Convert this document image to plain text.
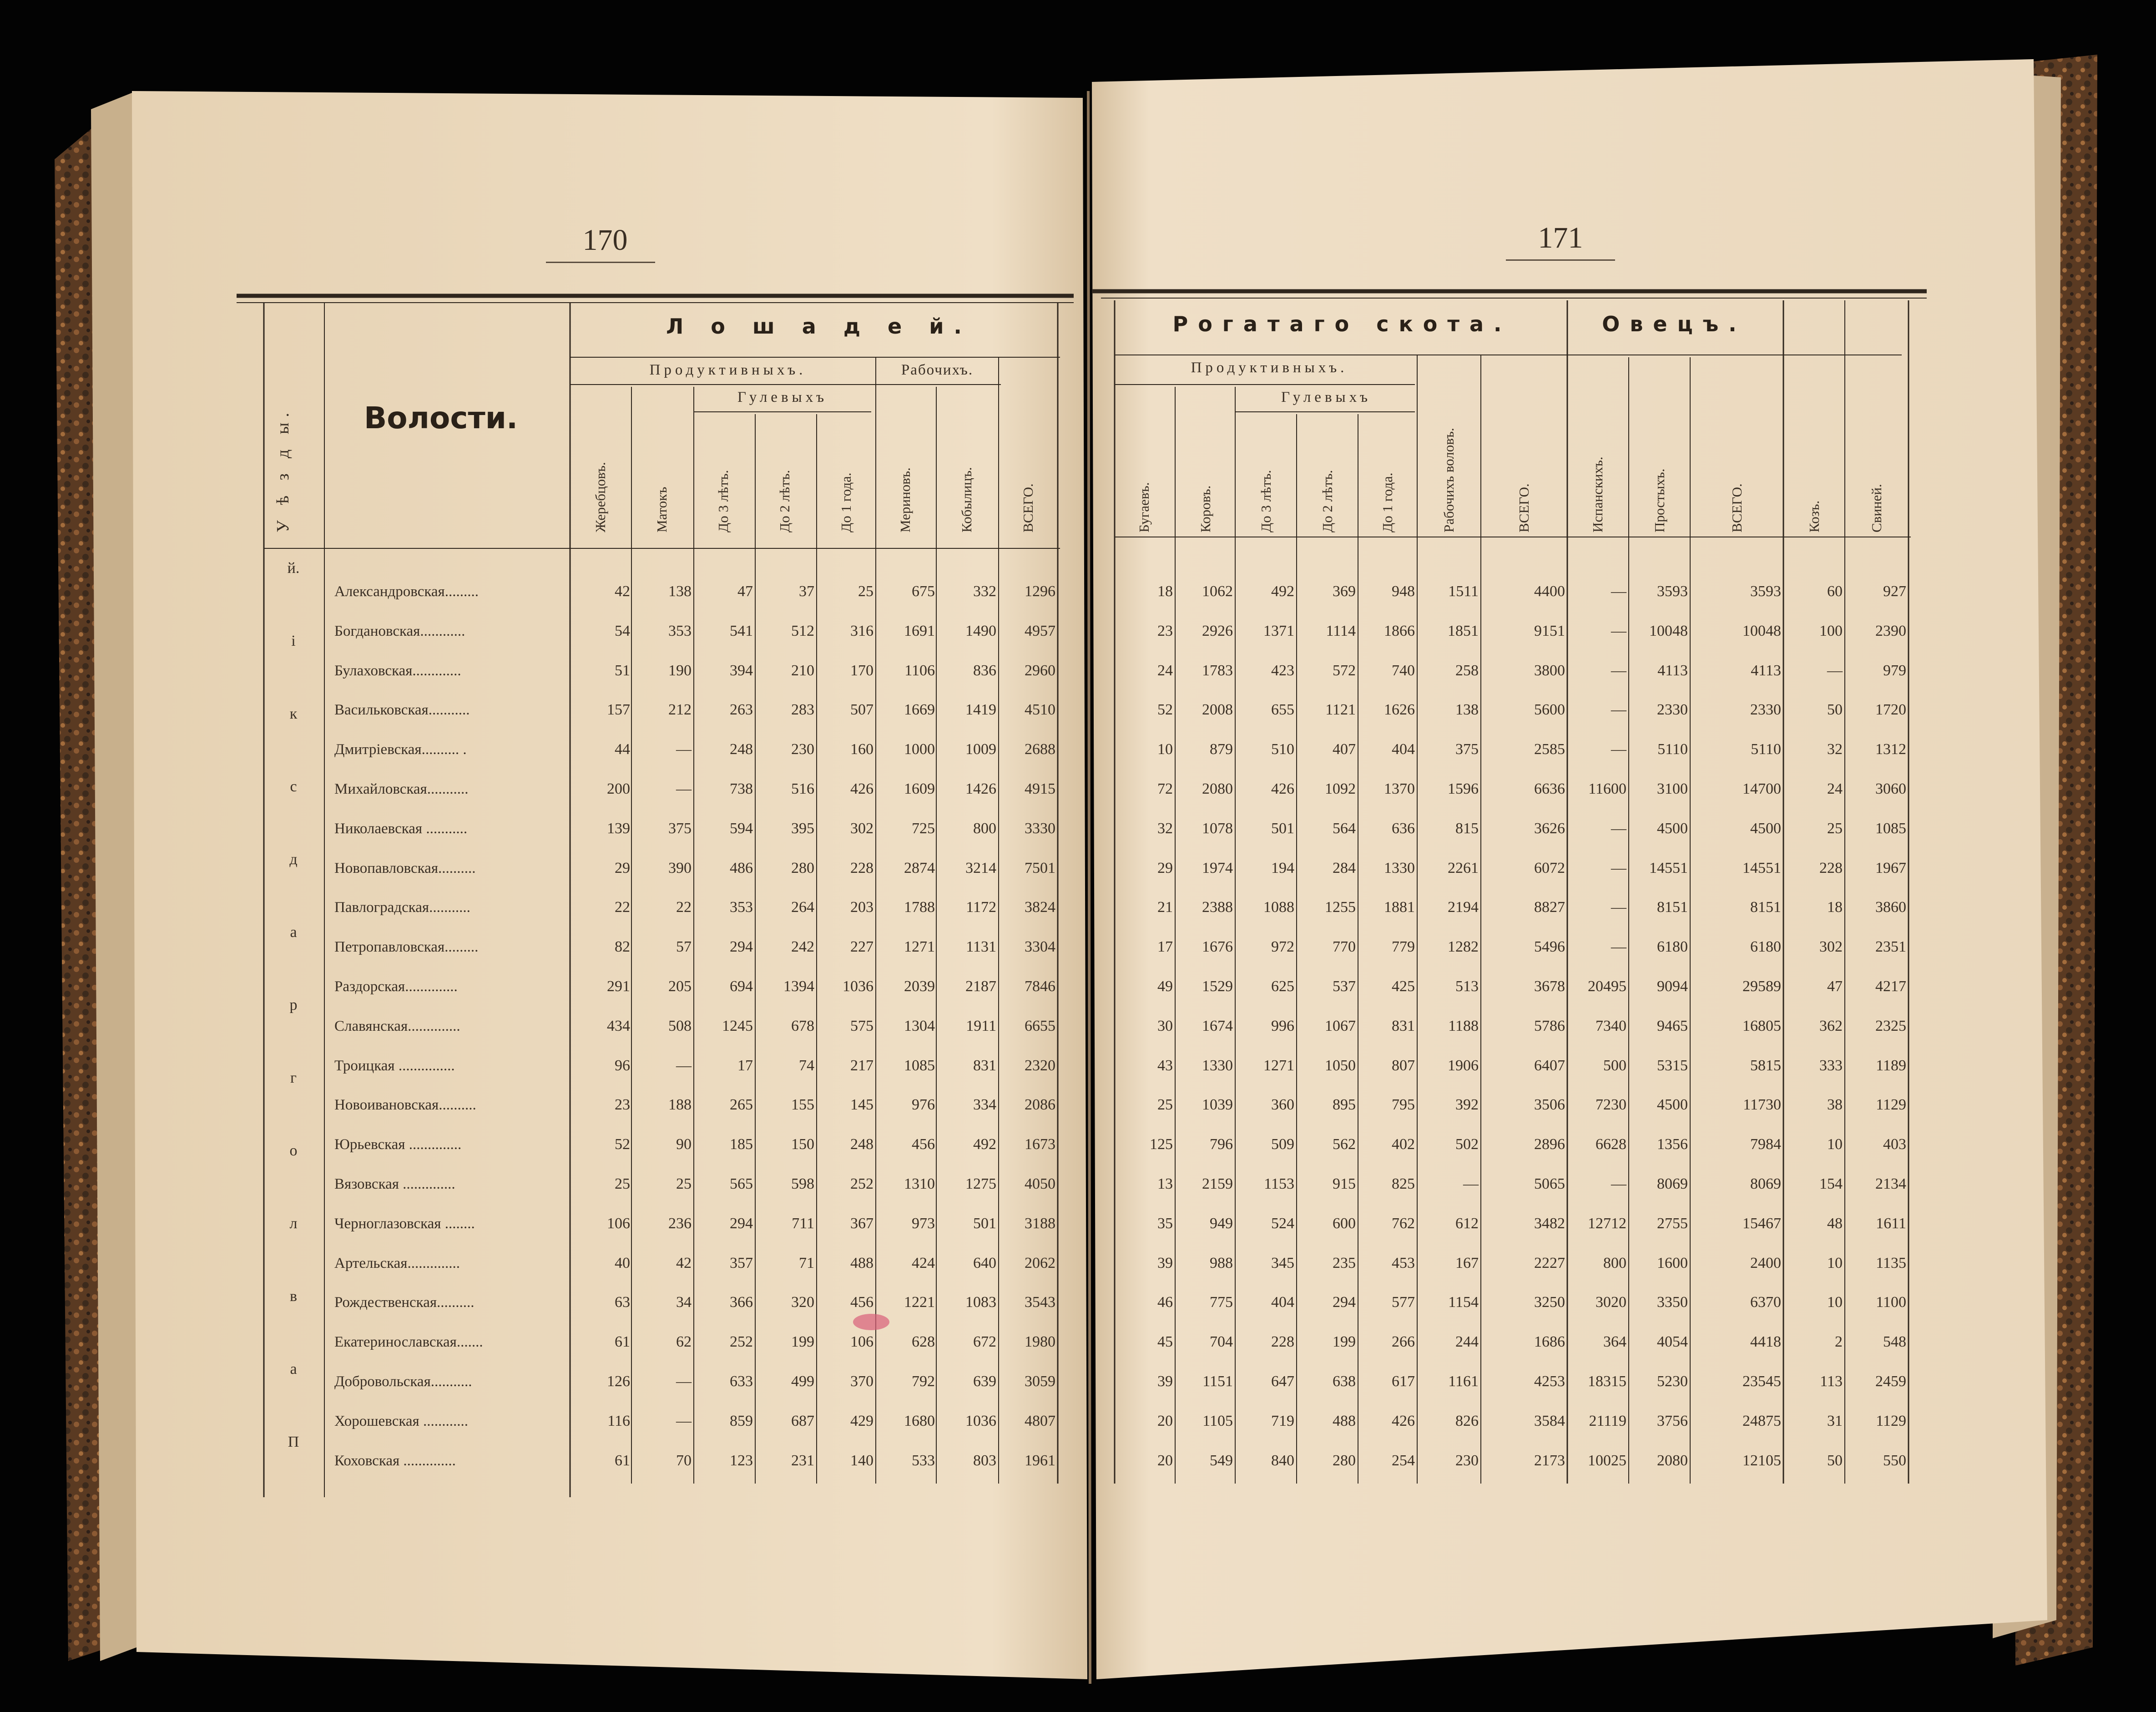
170	171
У ѣ з д ы. Волости.
Л о ш а д е й.
Продуктивныхъ.
Гулевыхъ
Рабочихъ.
Рогатаго скота.
Продуктивныхъ.
Гулевыхъ
Овецъ.
Жеребцовъ.	Матокъ	До 3 лѣтъ.	До 2 лѣтъ.	До 1 года.	Мериновъ.	Кобылицъ.	ВСЕГО.	Бугаевъ.	Коровъ.	До 3 лѣтъ.	До 2 лѣтъ.	До 1 года.	Рабочихъ воловъ.	ВСЕГО.	Испанскихъ.	Простыхъ.	ВСЕГО.	Козъ.	Свиней.
П
а
в
л
о
г
р
а
д
с
к
i
й.
Александровская.........	42	138	47	37	25	675	332	1296	18	1062	492	369	948	1511	4400	—	3593	3593	60	927
Богдановская............	54	353	541	512	316	1691	1490	4957	23	2926	1371	1114	1866	1851	9151	—	10048	10048	100	2390
Булаховская.............	51	190	394	210	170	1106	836	2960	24	1783	423	572	740	258	3800	—	4113	4113	—	979
Васильковская...........	157	212	263	283	507	1669	1419	4510	52	2008	655	1121	1626	138	5600	—	2330	2330	50	1720
Дмитрiевская.......... .	44	—	248	230	160	1000	1009	2688	10	879	510	407	404	375	2585	—	5110	5110	32	1312
Михайловская...........	200	—	738	516	426	1609	1426	4915	72	2080	426	1092	1370	1596	6636	11600	3100	14700	24	3060
Николаевская ...........	139	375	594	395	302	725	800	3330	32	1078	501	564	636	815	3626	—	4500	4500	25	1085
Новопавловская..........	29	390	486	280	228	2874	3214	7501	29	1974	194	284	1330	2261	6072	—	14551	14551	228	1967
Павлоградская...........	22	22	353	264	203	1788	1172	3824	21	2388	1088	1255	1881	2194	8827	—	8151	8151	18	3860
Петропавловская.........	82	57	294	242	227	1271	1131	3304	17	1676	972	770	779	1282	5496	—	6180	6180	302	2351
Раздорская..............	291	205	694	1394	1036	2039	2187	7846	49	1529	625	537	425	513	3678	20495	9094	29589	47	4217
Славянская..............	434	508	1245	678	575	1304	1911	6655	30	1674	996	1067	831	1188	5786	7340	9465	16805	362	2325
Троицкая ...............	96	—	17	74	217	1085	831	2320	43	1330	1271	1050	807	1906	6407	500	5315	5815	333	1189
Новоивановская..........	23	188	265	155	145	976	334	2086	25	1039	360	895	795	392	3506	7230	4500	11730	38	1129
Юрьевская ..............	52	90	185	150	248	456	492	1673	125	796	509	562	402	502	2896	6628	1356	7984	10	403
Вязовская ..............	25	25	565	598	252	1310	1275	4050	13	2159	1153	915	825	—	5065	—	8069	8069	154	2134
Черноглазовская ........	106	236	294	711	367	973	501	3188	35	949	524	600	762	612	3482	12712	2755	15467	48	1611
Артельская..............	40	42	357	71	488	424	640	2062	39	988	345	235	453	167	2227	800	1600	2400	10	1135
Рождественская..........	63	34	366	320	456	1221	1083	3543	46	775	404	294	577	1154	3250	3020	3350	6370	10	1100
Екатеринославская.......	61	62	252	199	106	628	672	1980	45	704	228	199	266	244	1686	364	4054	4418	2	548
Добровольская...........	126	—	633	499	370	792	639	3059	39	1151	647	638	617	1161	4253	18315	5230	23545	113	2459
Хорошевская ............	116	—	859	687	429	1680	1036	4807	20	1105	719	488	426	826	3584	21119	3756	24875	31	1129
Коховская ..............	61	70	123	231	140	533	803	1961	20	549	840	280	254	230	2173	10025	2080	12105	50	550
